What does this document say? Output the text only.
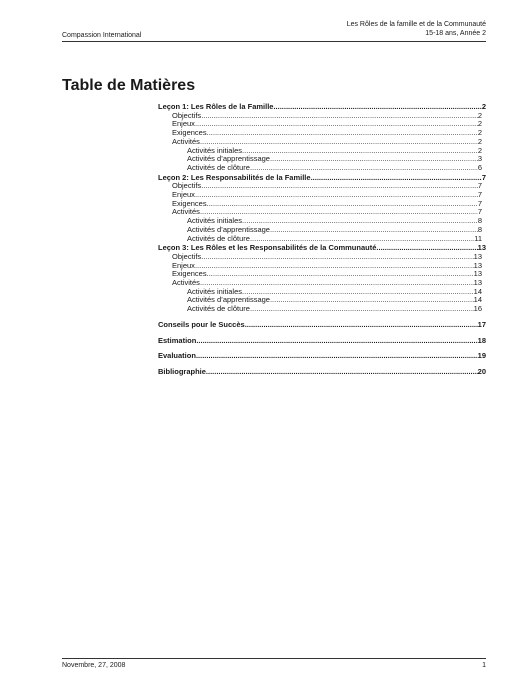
Compassion International
Les Rôles de la famille et de la Communauté
15-18 ans, Année 2
Table de Matières
Leçon 1: Les Rôles de la Famille .....	2
Objectifs .....	2
Enjeux .....	2
Exigences .....	2
Activités .....	2
Activités initiales .....	2
Activités d’apprentissage .....	3
Activités de clôture .....	6
Leçon 2: Les Responsabilités de la Famille .....	7
Objectifs .....	7
Enjeux .....	7
Exigences .....	7
Activités .....	7
Activités initiales .....	8
Activités d’apprentissage .....	8
Activités de clôture .....	11
Leçon 3: Les Rôles et les Responsabilités de la Communauté .....	13
Objectifs .....	13
Enjeux .....	13
Exigences .....	13
Activités .....	13
Activités initiales .....	14
Activités d’apprentissage .....	14
Activités de clôture .....	16
Conseils pour le Succès .....	17
Estimation .....	18
Evaluation .....	19
Bibliographie .....	20
Novembre, 27, 2008	1
